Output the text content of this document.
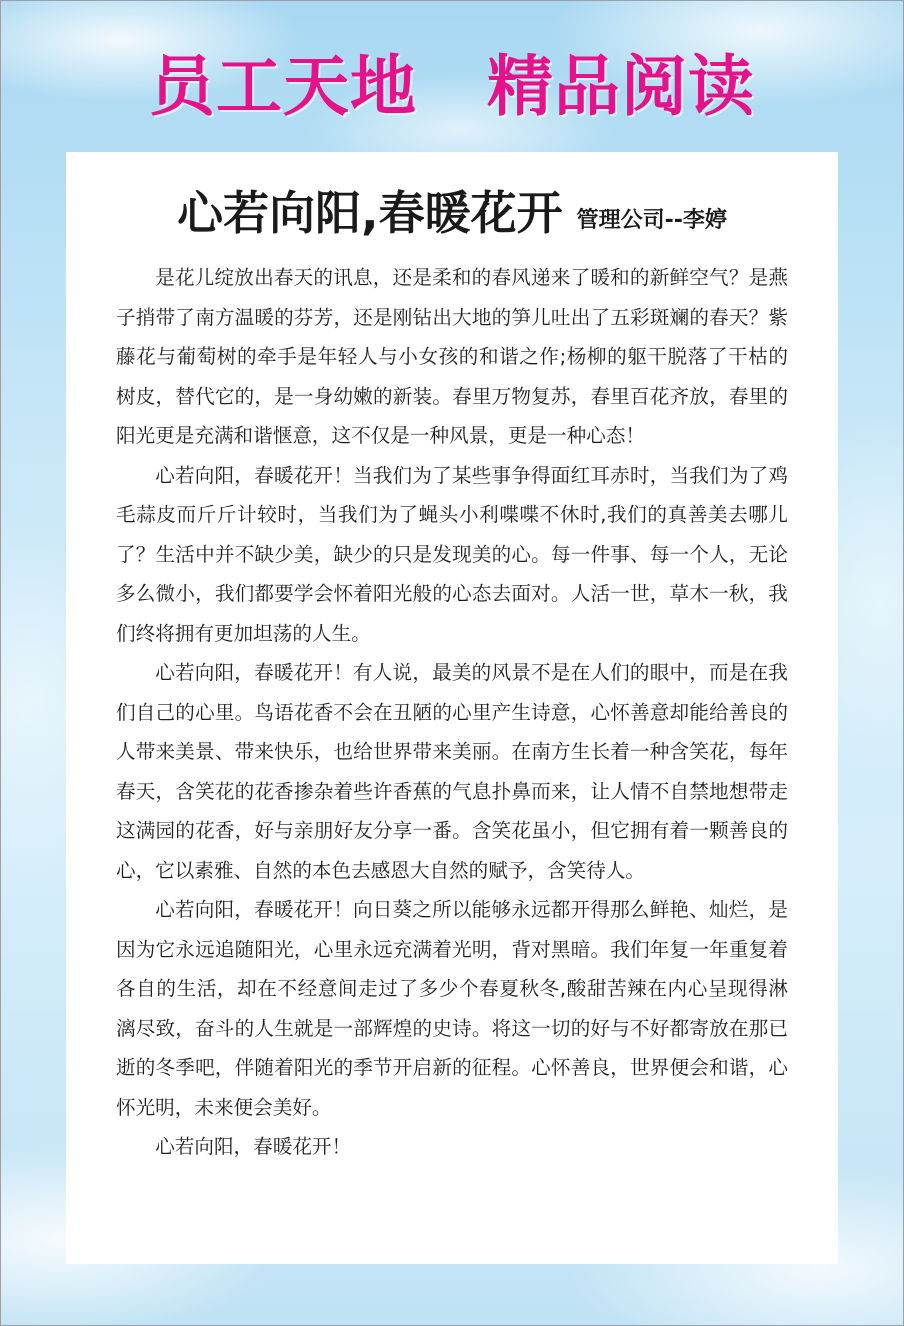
员工天地 精品阅读
心若向阳,春暖花开 管理公司--李婷

是花儿绽放出春天的讯息，还是柔和的春风递来了暖和的新鲜空气？是燕子捎带了南方温暖的芬芳，还是刚钻出大地的笋儿吐出了五彩斑斓的春天？紫藤花与葡萄树的牵手是年轻人与小女孩的和谐之作;杨柳的躯干脱落了干枯的树皮，替代它的，是一身幼嫩的新装。春里万物复苏，春里百花齐放，春里的阳光更是充满和谐惬意，这不仅是一种风景，更是一种心态！

心若向阳，春暖花开！当我们为了某些事争得面红耳赤时，当我们为了鸡毛蒜皮而斤斤计较时，当我们为了蝇头小利喋喋不休时,我们的真善美去哪儿了？生活中并不缺少美，缺少的只是发现美的心。每一件事、每一个人，无论多么微小，我们都要学会怀着阳光般的心态去面对。人活一世，草木一秋，我们终将拥有更加坦荡的人生。

心若向阳，春暖花开！有人说，最美的风景不是在人们的眼中，而是在我们自己的心里。鸟语花香不会在丑陋的心里产生诗意，心怀善意却能给善良的人带来美景、带来快乐，也给世界带来美丽。在南方生长着一种含笑花，每年春天，含笑花的花香掺杂着些许香蕉的气息扑鼻而来，让人情不自禁地想带走这满园的花香，好与亲朋好友分享一番。含笑花虽小，但它拥有着一颗善良的心，它以素雅、自然的本色去感恩大自然的赋予，含笑待人。

心若向阳，春暖花开！向日葵之所以能够永远都开得那么鲜艳、灿烂，是因为它永远追随阳光，心里永远充满着光明，背对黑暗。我们年复一年重复着各自的生活，却在不经意间走过了多少个春夏秋冬,酸甜苦辣在内心呈现得淋漓尽致，奋斗的人生就是一部辉煌的史诗。将这一切的好与不好都寄放在那已逝的冬季吧，伴随着阳光的季节开启新的征程。心怀善良，世界便会和谐，心怀光明，未来便会美好。

心若向阳，春暖花开！
